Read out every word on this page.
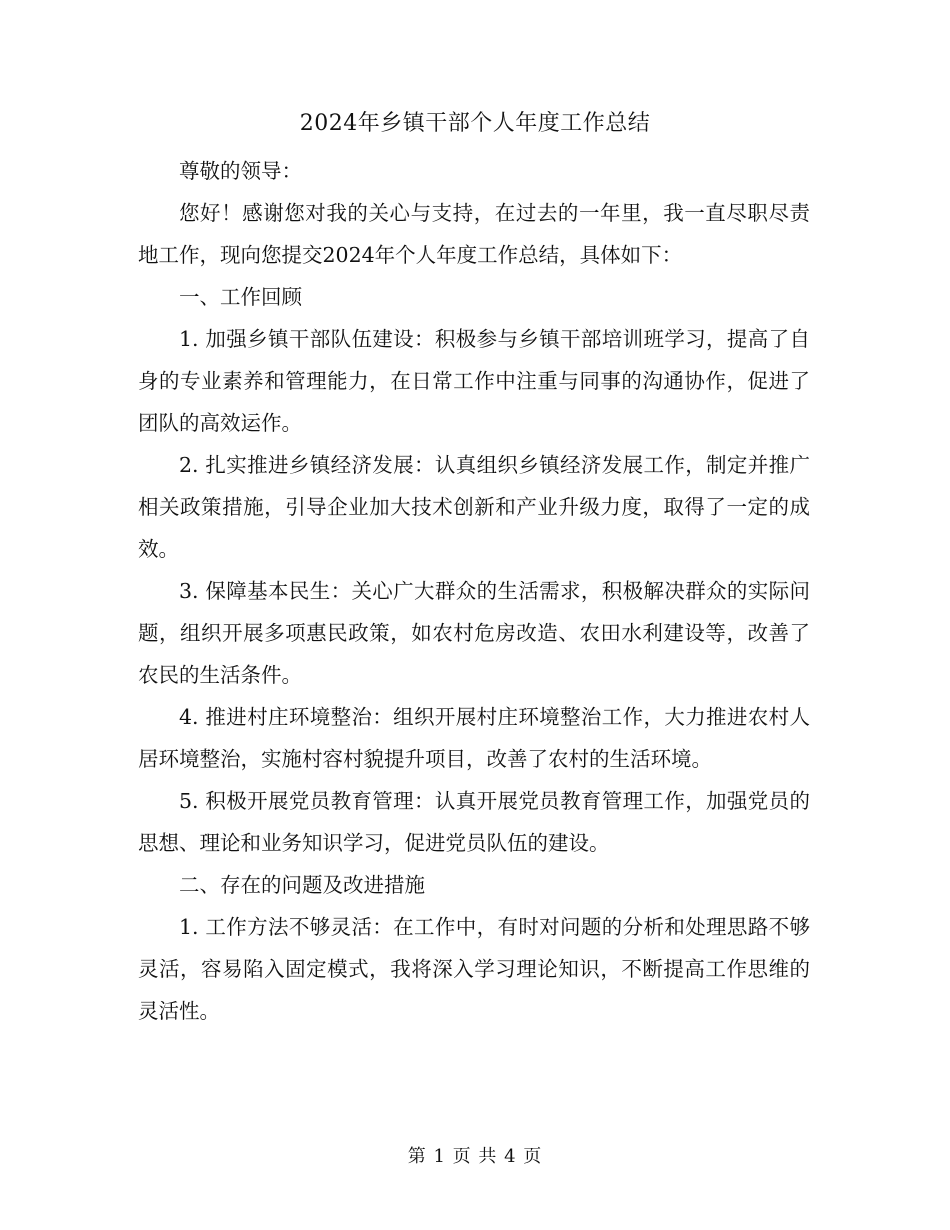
2024年乡镇干部个人年度工作总结

尊敬的领导：

您好！感谢您对我的关心与支持，在过去的一年里，我一直尽职尽责地工作，现向您提交2024年个人年度工作总结，具体如下：

一、工作回顾

1. 加强乡镇干部队伍建设：积极参与乡镇干部培训班学习，提高了自身的专业素养和管理能力，在日常工作中注重与同事的沟通协作，促进了团队的高效运作。

2. 扎实推进乡镇经济发展：认真组织乡镇经济发展工作，制定并推广相关政策措施，引导企业加大技术创新和产业升级力度，取得了一定的成效。

3. 保障基本民生：关心广大群众的生活需求，积极解决群众的实际问题，组织开展多项惠民政策，如农村危房改造、农田水利建设等，改善了农民的生活条件。

4. 推进村庄环境整治：组织开展村庄环境整治工作，大力推进农村人居环境整治，实施村容村貌提升项目，改善了农村的生活环境。

5. 积极开展党员教育管理：认真开展党员教育管理工作，加强党员的思想、理论和业务知识学习，促进党员队伍的建设。

二、存在的问题及改进措施

1. 工作方法不够灵活：在工作中，有时对问题的分析和处理思路不够灵活，容易陷入固定模式，我将深入学习理论知识，不断提高工作思维的灵活性。

第 1 页 共 4 页
